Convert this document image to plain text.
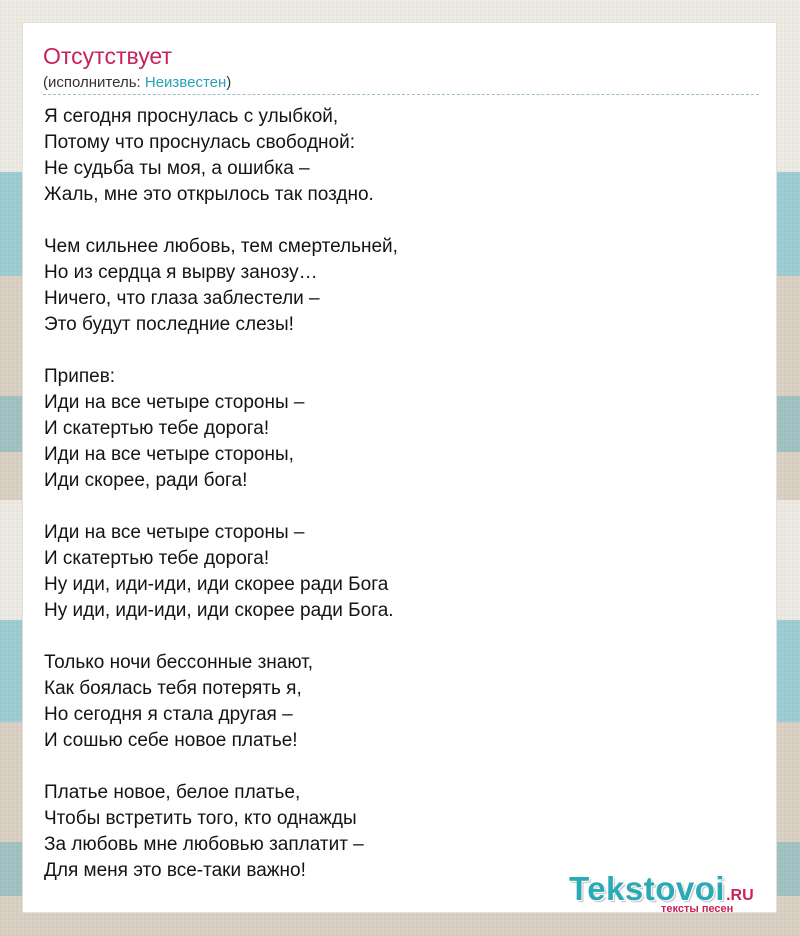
Отсутствует
(исполнитель: Неизвестен)
Я сегодня проснулась с улыбкой,
Потому что проснулась свободной:
Не судьба ты моя, а ошибка –
Жаль, мне это открылось так поздно.
Чем сильнее любовь, тем смертельней,
Но из сердца я вырву занозу…
Ничего, что глаза заблестели –
Это будут последние слезы!
Припев:
Иди на все четыре стороны –
И скатертью тебе дорога!
Иди на все четыре стороны,
Иди скорее, ради бога!
Иди на все четыре стороны –
И скатертью тебе дорога!
Ну иди, иди-иди, иди скорее ради Бога
Ну иди, иди-иди, иди скорее ради Бога.
Только ночи бессонные знают,
Как боялась тебя потерять я,
Но сегодня я стала другая –
И сошью себе новое платье!
Платье новое, белое платье,
Чтобы встретить того, кто однажды
За любовь мне любовью заплатит –
Для меня это все-таки важно!	Tekstovoi.RU
тексты песен
